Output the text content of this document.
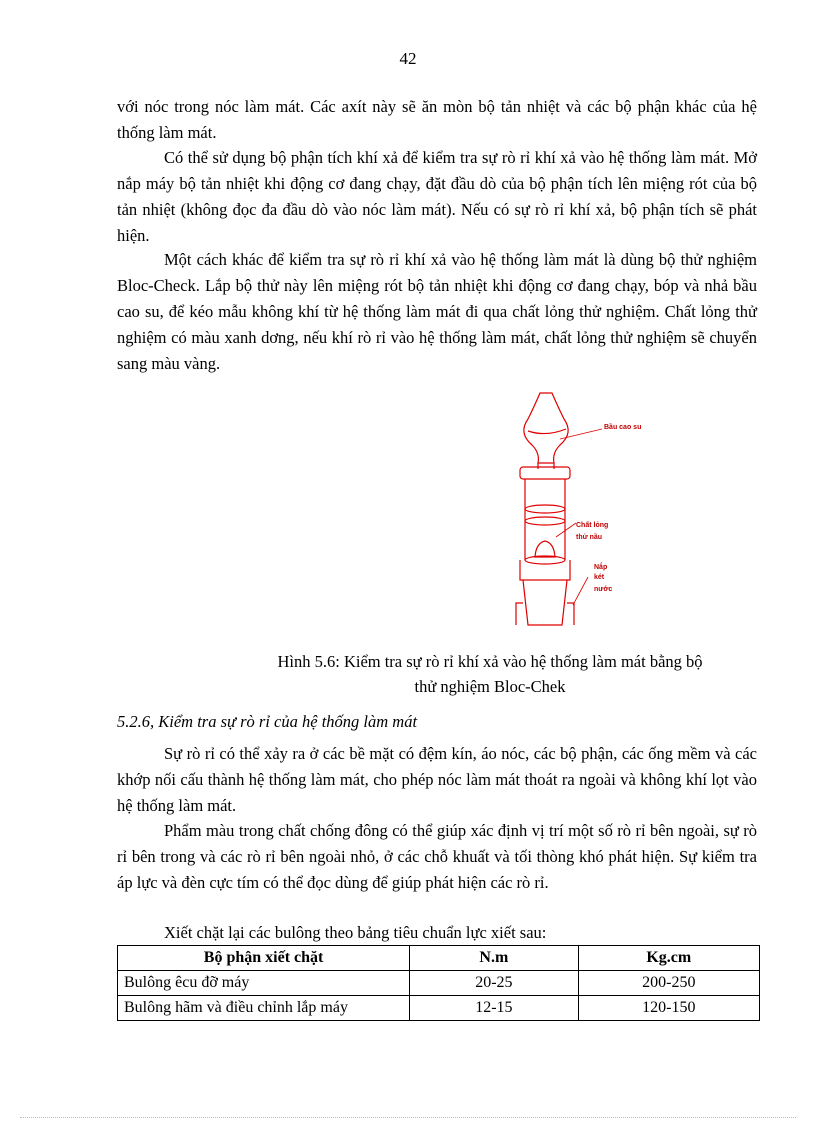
42

với nóc trong nóc làm mát. Các axít này sẽ ăn mòn bộ tản nhiệt và các bộ phận khác của hệ thống làm mát.

Có thể sử dụng bộ phận tích khí xả để kiểm tra sự rò rỉ khí xả vào hệ thống làm mát. Mở nắp máy bộ tản nhiệt khi động cơ đang chạy, đặt đầu dò của bộ phận tích lên miệng rót của bộ tản nhiệt (không đọc đa đầu dò vào nóc làm mát). Nếu có sự rò rỉ khí xả, bộ phận tích sẽ phát hiện.

Một cách khác để kiểm tra sự rò rỉ khí xả vào hệ thống làm mát là dùng bộ thử nghiệm Bloc-Check. Lắp bộ thử này lên miệng rót bộ tản nhiệt khi động cơ đang chạy, bóp và nhả bầu cao su, để kéo mẫu không khí từ hệ thống làm mát đi qua chất lỏng thử nghiệm. Chất lỏng thử nghiệm có màu xanh dơng, nếu khí rò rỉ vào hệ thống làm mát, chất lỏng thử nghiệm sẽ chuyển sang màu vàng.

Bầu cao su
Chất lỏng
thử nầu
Nắp
két
nước
Hình 5.6: Kiểm tra sự rò rỉ khí xả vào hệ thống làm mát bằng bộ
thử nghiệm Bloc-Chek
5.2.6, Kiểm tra sự rò rỉ của hệ thống làm mát

Sự rò rỉ có thể xảy ra ở các bề mặt có đệm kín, áo nóc, các bộ phận, các ống mềm và các khớp nối cấu thành hệ thống làm mát, cho phép nóc làm mát thoát ra ngoài và không khí lọt vào hệ thống làm mát.

Phẩm màu trong chất chống đông có thể giúp xác định vị trí một số rò rỉ bên ngoài, sự rò rỉ bên trong và các rò rỉ bên ngoài nhỏ, ở các chỗ khuất và tối thòng khó phát hiện. Sự kiểm tra áp lực và đèn cực tím có thể đọc dùng để giúp phát hiện các rò rỉ.

Xiết chặt lại các bulông theo bảng tiêu chuẩn lực xiết sau:

Bộ phận xiết chặt	N.m	Kg.cm
Bulông êcu đỡ máy	20-25	200-250
Bulông hãm và điều chỉnh lắp máy	12-15	120-150
